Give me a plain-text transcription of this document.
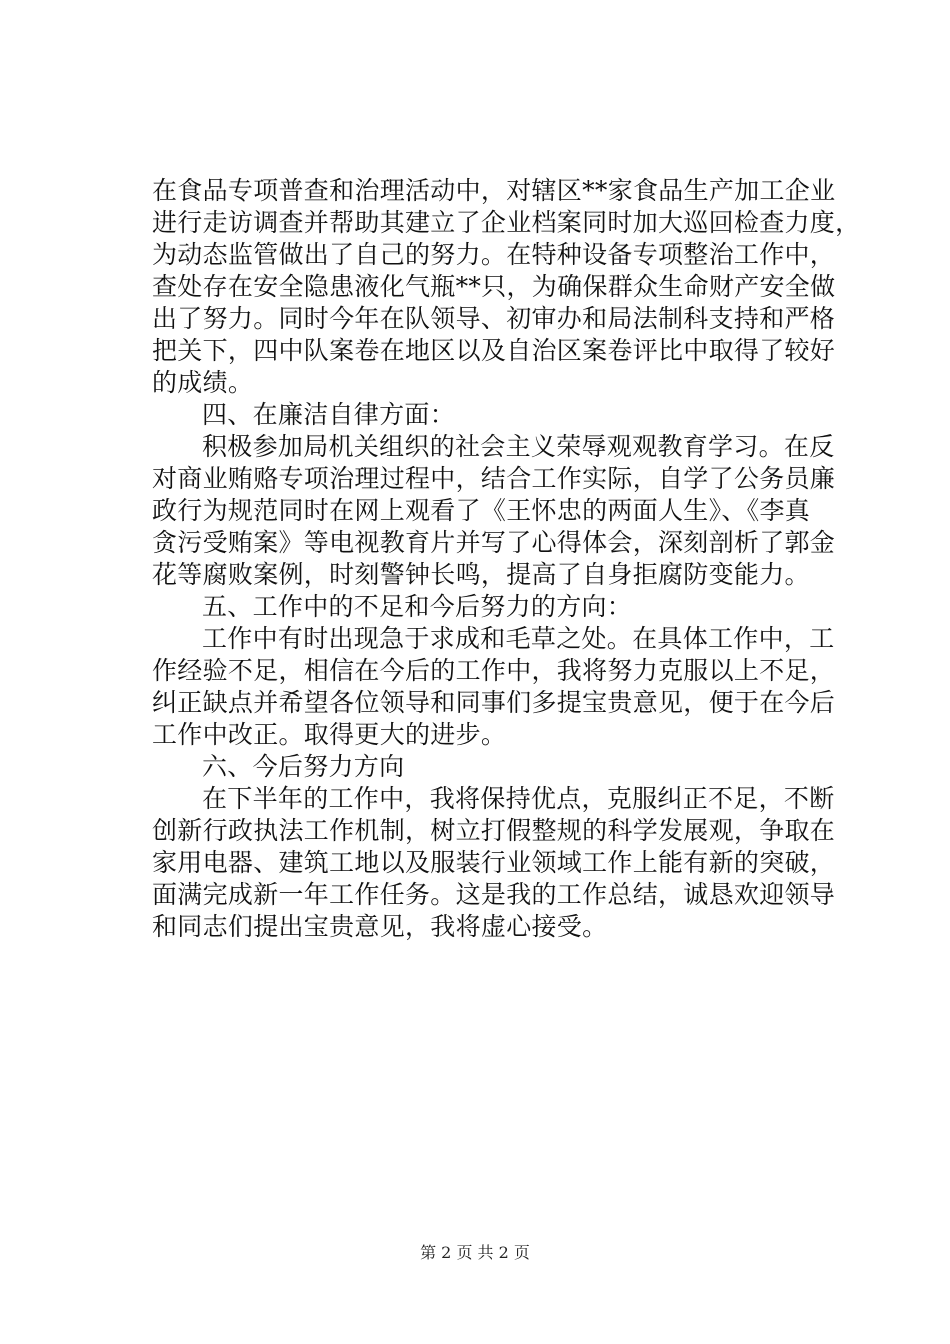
在食品专项普查和治理活动中，对辖区**家食品生产加工企业
进行走访调查并帮助其建立了企业档案同时加大巡回检查力度，
为动态监管做出了自己的努力。在特种设备专项整治工作中，
查处存在安全隐患液化气瓶**只，为确保群众生命财产安全做
出了努力。同时今年在队领导、初审办和局法制科支持和严格
把关下，四中队案卷在地区以及自治区案卷评比中取得了较好
的成绩。
四、在廉洁自律方面：
积极参加局机关组织的社会主义荣辱观观教育学习。在反
对商业贿赂专项治理过程中，结合工作实际，自学了公务员廉
政行为规范同时在网上观看了《王怀忠的两面人生》、《李真
贪污受贿案》等电视教育片并写了心得体会，深刻剖析了郭金
花等腐败案例，时刻警钟长鸣，提高了自身拒腐防变能力。
五、工作中的不足和今后努力的方向：
工作中有时出现急于求成和毛草之处。在具体工作中，工
作经验不足，相信在今后的工作中，我将努力克服以上不足，
纠正缺点并希望各位领导和同事们多提宝贵意见，便于在今后
工作中改正。取得更大的进步。
六、今后努力方向
在下半年的工作中，我将保持优点，克服纠正不足，不断
创新行政执法工作机制，树立打假整规的科学发展观，争取在
家用电器、建筑工地以及服装行业领域工作上能有新的突破，
面满完成新一年工作任务。这是我的工作总结，诚恳欢迎领导
和同志们提出宝贵意见，我将虚心接受。
第 2 页 共 2 页
